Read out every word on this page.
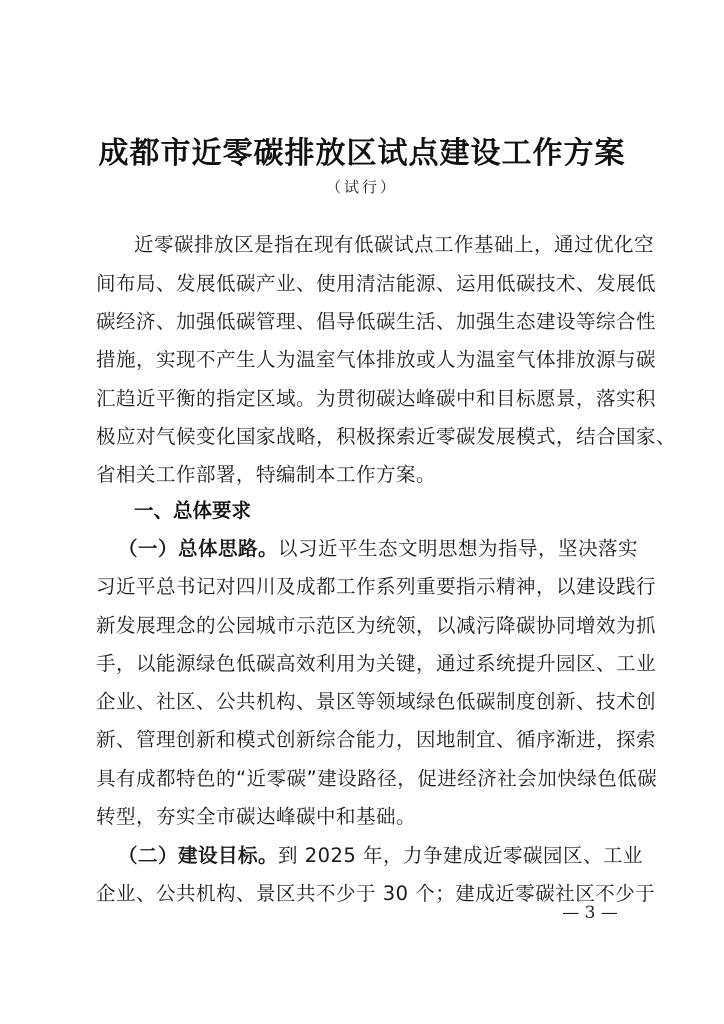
成都市近零碳排放区试点建设工作方案
（试行）
近零碳排放区是指在现有低碳试点工作基础上，通过优化空
间布局、发展低碳产业、使用清洁能源、运用低碳技术、发展低
碳经济、加强低碳管理、倡导低碳生活、加强生态建设等综合性
措施，实现不产生人为温室气体排放或人为温室气体排放源与碳
汇趋近平衡的指定区域。为贯彻碳达峰碳中和目标愿景，落实积
极应对气候变化国家战略，积极探索近零碳发展模式，结合国家、
省相关工作部署，特编制本工作方案。
一、总体要求
（一）总体思路。以习近平生态文明思想为指导，坚决落实
习近平总书记对四川及成都工作系列重要指示精神，以建设践行
新发展理念的公园城市示范区为统领，以减污降碳协同增效为抓
手，以能源绿色低碳高效利用为关键，通过系统提升园区、工业
企业、社区、公共机构、景区等领域绿色低碳制度创新、技术创
新、管理创新和模式创新综合能力，因地制宜、循序渐进，探索
具有成都特色的“近零碳”建设路径，促进经济社会加快绿色低碳
转型，夯实全市碳达峰碳中和基础。
（二）建设目标。到 2025 年，力争建成近零碳园区、工业
企业、公共机构、景区共不少于 30 个；建成近零碳社区不少于
— 3 —
